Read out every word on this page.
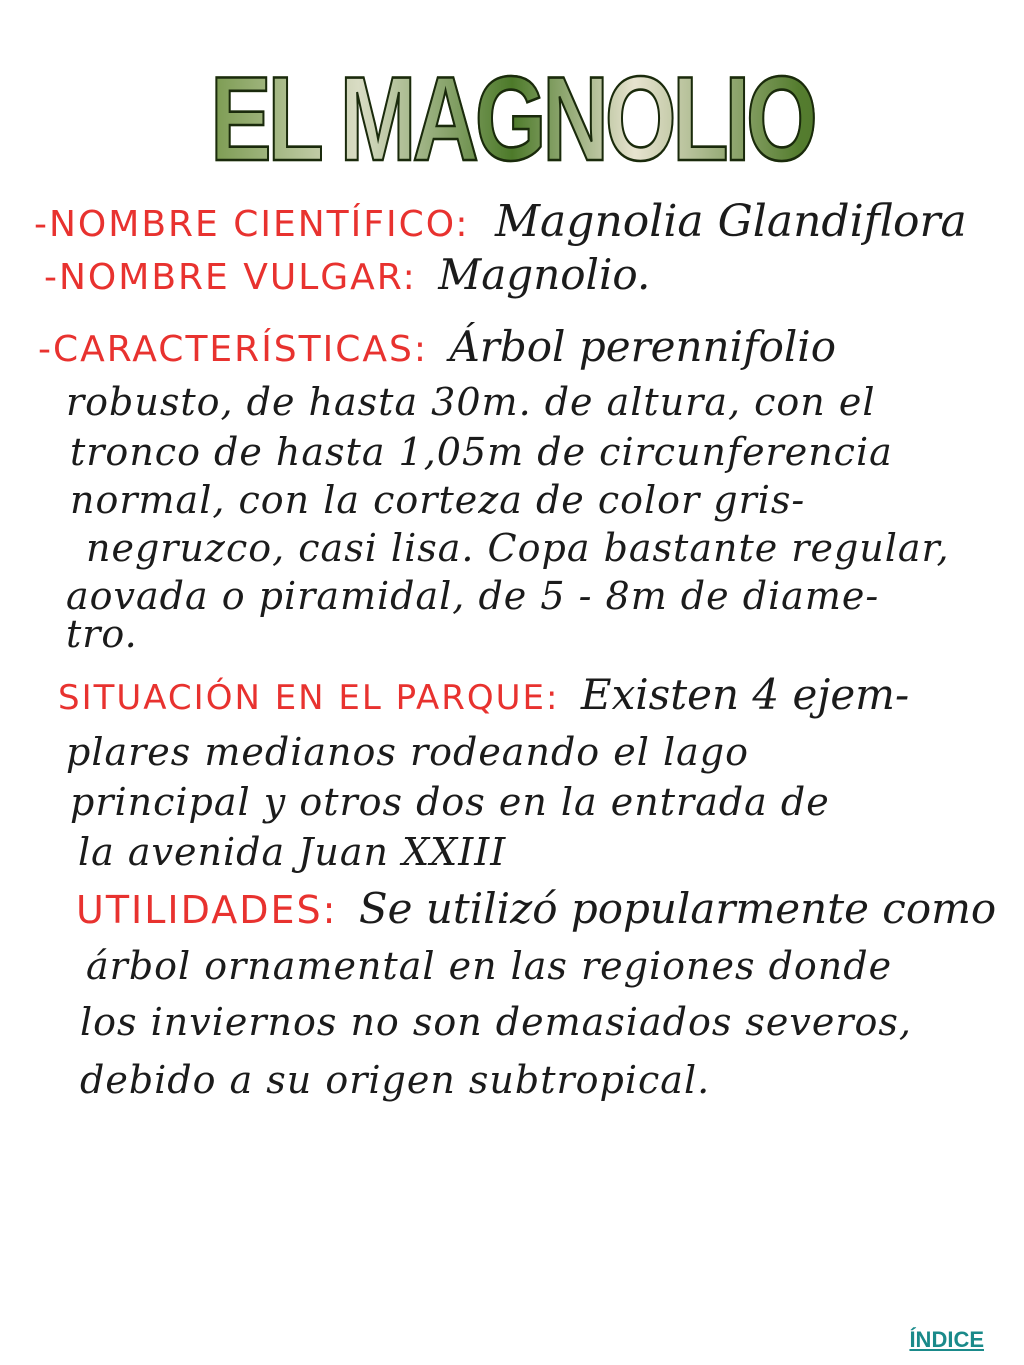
EL MAGNOLIO
-NOMBRE CIENTÍFICO: Magnolia Glandiflora
-NOMBRE VULGAR: Magnolio.
-CARACTERÍSTICAS: Árbol perennifolio
robusto, de hasta 30m. de altura, con el
tronco de hasta 1,05m de circunferencia
normal, con la corteza de color gris-
negruzco, casi lisa. Copa bastante regular,
aovada o piramidal, de 5 - 8m de diame-
tro.
SITUACIÓN EN EL PARQUE: Existen 4 ejem-
plares medianos rodeando el lago
principal y otros dos en la entrada de
la avenida Juan XXIII
UTILIDADES: Se utilizó popularmente como
árbol ornamental en las regiones donde
los inviernos no son demasiados severos,
debido a su origen subtropical.
ÍNDICE
